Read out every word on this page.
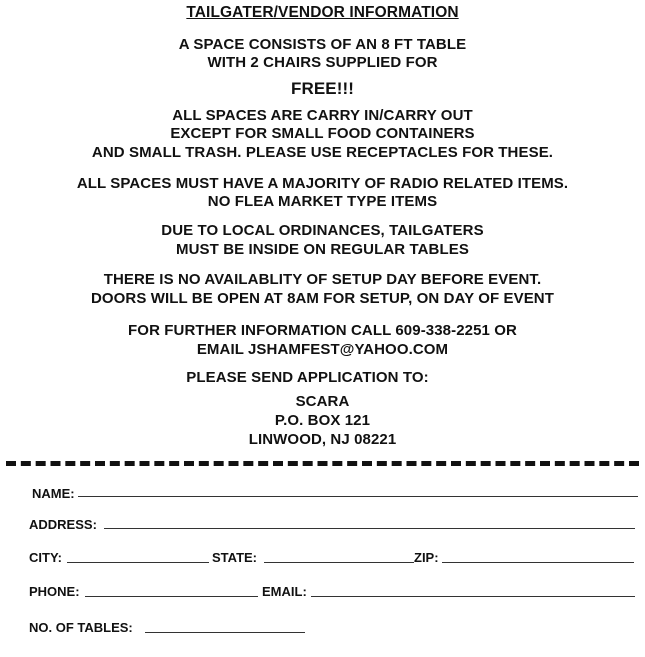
TAILGATER/VENDOR INFORMATION
A SPACE CONSISTS OF AN 8 FT TABLE
WITH 2 CHAIRS SUPPLIED FOR
FREE!!!
ALL SPACES ARE CARRY IN/CARRY OUT
EXCEPT FOR SMALL FOOD CONTAINERS
AND SMALL TRASH. PLEASE USE RECEPTACLES FOR THESE.
ALL SPACES MUST HAVE A MAJORITY OF RADIO RELATED ITEMS.
NO FLEA MARKET TYPE ITEMS
DUE TO LOCAL ORDINANCES, TAILGATERS
MUST BE INSIDE ON REGULAR TABLES
THERE IS NO AVAILABLITY OF SETUP DAY BEFORE EVENT.
DOORS WILL BE OPEN AT 8AM FOR SETUP, ON DAY OF EVENT
FOR FURTHER INFORMATION CALL 609-338-2251 OR
EMAIL JSHAMFEST@YAHOO.COM
PLEASE SEND APPLICATION TO:
SCARA
P.O. BOX 121
LINWOOD, NJ 08221
NAME:
ADDRESS:
CITY:	STATE:	ZIP:
PHONE:	EMAIL:
NO. OF TABLES:
